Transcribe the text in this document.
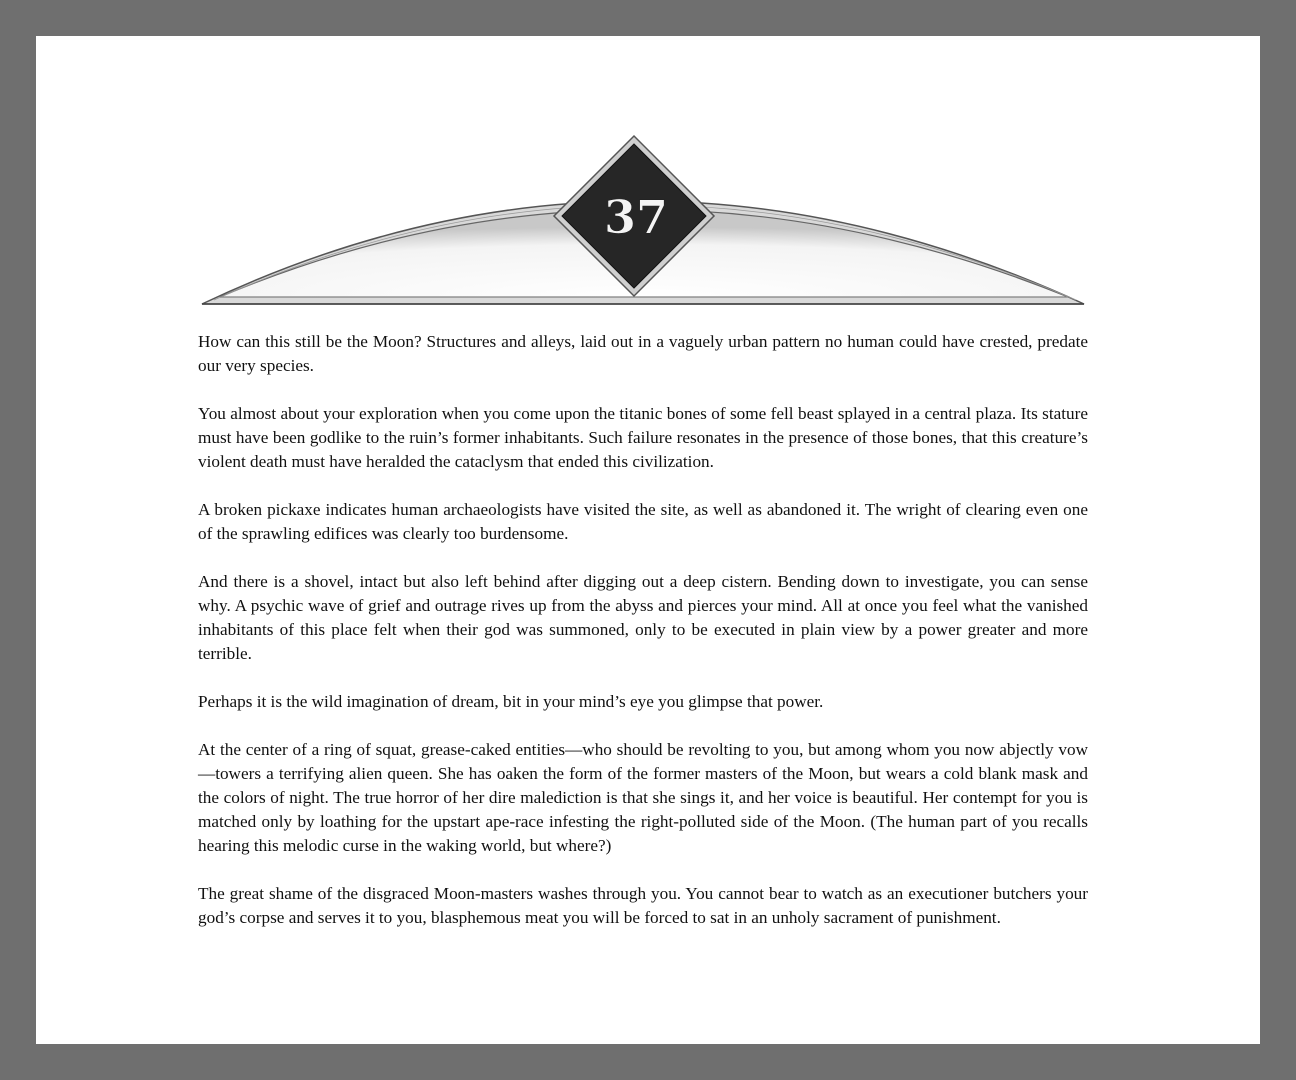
37

How can this still be the Moon? Structures and alleys, laid out in a vaguely urban pattern no human could have crested, predate our very species.

You almost about your exploration when you come upon the titanic bones of some fell beast splayed in a central plaza. Its stature must have been godlike to the ruin’s former inhabitants. Such failure resonates in the presence of those bones, that this creature’s violent death must have heralded the cataclysm that ended this civilization.

A broken pickaxe indicates human archaeologists have visited the site, as well as abandoned it. The wright of clearing even one of the sprawling edifices was clearly too burdensome.

And there is a shovel, intact but also left behind after digging out a deep cistern. Bending down to investigate, you can sense why. A psychic wave of grief and outrage rives up from the abyss and pierces your mind. All at once you feel what the vanished inhabitants of this place felt when their god was summoned, only to be executed in plain view by a power greater and more terrible.

Perhaps it is the wild imagination of dream, bit in your mind’s eye you glimpse that power.

At the center of a ring of squat, grease-caked entities—who should be revolting to you, but among whom you now abjectly vow—towers a terrifying alien queen. She has oaken the form of the former masters of the Moon, but wears a cold blank mask and the colors of night. The true horror of her dire malediction is that she sings it, and her voice is beautiful. Her contempt for you is matched only by loathing for the upstart ape-race infesting the right-polluted side of the Moon. (The human part of you recalls hearing this melodic curse in the waking world, but where?)

The great shame of the disgraced Moon-masters washes through you. You cannot bear to watch as an executioner butchers your god’s corpse and serves it to you, blasphemous meat you will be forced to sat in an unholy sacrament of punishment.
